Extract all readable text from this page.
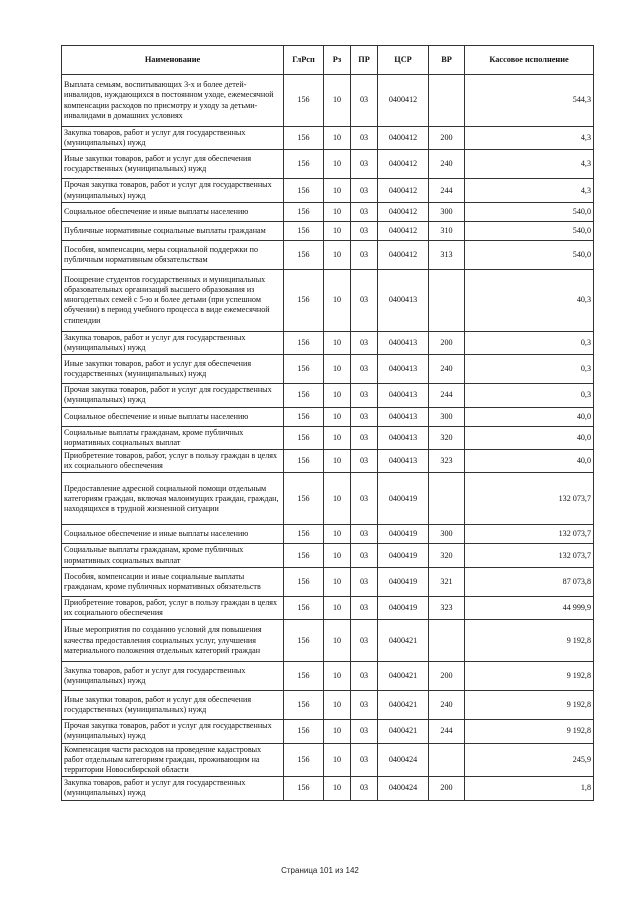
Наименование	ГлРсп	Рз	ПР	ЦСР	ВР	Кассовое исполнение
Выплата семьям, воспитывающих 3-х и более детей-инвалидов, нуждающихся в постоянном уходе, ежемесячной компенсации расходов по присмотру и уходу за детьми-инвалидами в домашних условиях	156	10	03	0400412		544,3
Закупка товаров, работ и услуг для государственных (муниципальных) нужд	156	10	03	0400412	200	4,3
Иные закупки товаров, работ и услуг для обеспечения государственных (муниципальных) нужд	156	10	03	0400412	240	4,3
Прочая закупка товаров, работ и услуг для государственных (муниципальных) нужд	156	10	03	0400412	244	4,3
Социальное обеспечение и иные выплаты населению	156	10	03	0400412	300	540,0
Публичные нормативные социальные выплаты гражданам	156	10	03	0400412	310	540,0
Пособия, компенсации, меры социальной поддержки по публичным нормативным обязательствам	156	10	03	0400412	313	540,0
Поощрение студентов государственных и муниципальных образовательных организаций высшего образования из многодетных семей с 5-ю и более детьми (при успешном обучении) в период учебного процесса в виде ежемесячной стипендии	156	10	03	0400413		40,3
Закупка товаров, работ и услуг для государственных (муниципальных) нужд	156	10	03	0400413	200	0,3
Иные закупки товаров, работ и услуг для обеспечения государственных (муниципальных) нужд	156	10	03	0400413	240	0,3
Прочая закупка товаров, работ и услуг для государственных (муниципальных) нужд	156	10	03	0400413	244	0,3
Социальное обеспечение и иные выплаты населению	156	10	03	0400413	300	40,0
Социальные выплаты гражданам, кроме публичных нормативных социальных выплат	156	10	03	0400413	320	40,0
Приобретение товаров, работ, услуг в пользу граждан в целях их социального обеспечения	156	10	03	0400413	323	40,0
Предоставление адресной социальной помощи отдельным категориям граждан, включая малоимущих граждан, граждан, находящихся в трудной жизненной ситуации	156	10	03	0400419		132 073,7
Социальное обеспечение и иные выплаты населению	156	10	03	0400419	300	132 073,7
Социальные выплаты гражданам, кроме публичных нормативных социальных выплат	156	10	03	0400419	320	132 073,7
Пособия, компенсации и иные социальные выплаты гражданам, кроме публичных нормативных обязательств	156	10	03	0400419	321	87 073,8
Приобретение товаров, работ, услуг в пользу граждан в целях их социального обеспечения	156	10	03	0400419	323	44 999,9
Иные мероприятия по созданию условий для повышения качества предоставления социальных услуг, улучшения материального положения отдельных категорий граждан	156	10	03	0400421		9 192,8
Закупка товаров, работ и услуг для государственных (муниципальных) нужд	156	10	03	0400421	200	9 192,8
Иные закупки товаров, работ и услуг для обеспечения государственных (муниципальных) нужд	156	10	03	0400421	240	9 192,8
Прочая закупка товаров, работ и услуг для государственных (муниципальных) нужд	156	10	03	0400421	244	9 192,8
Компенсация части расходов на проведение кадастровых работ отдельным категориям граждан, проживающим на территории Новосибирской области	156	10	03	0400424		245,9
Закупка товаров, работ и услуг для государственных (муниципальных) нужд	156	10	03	0400424	200	1,8
Страница 101 из 142
